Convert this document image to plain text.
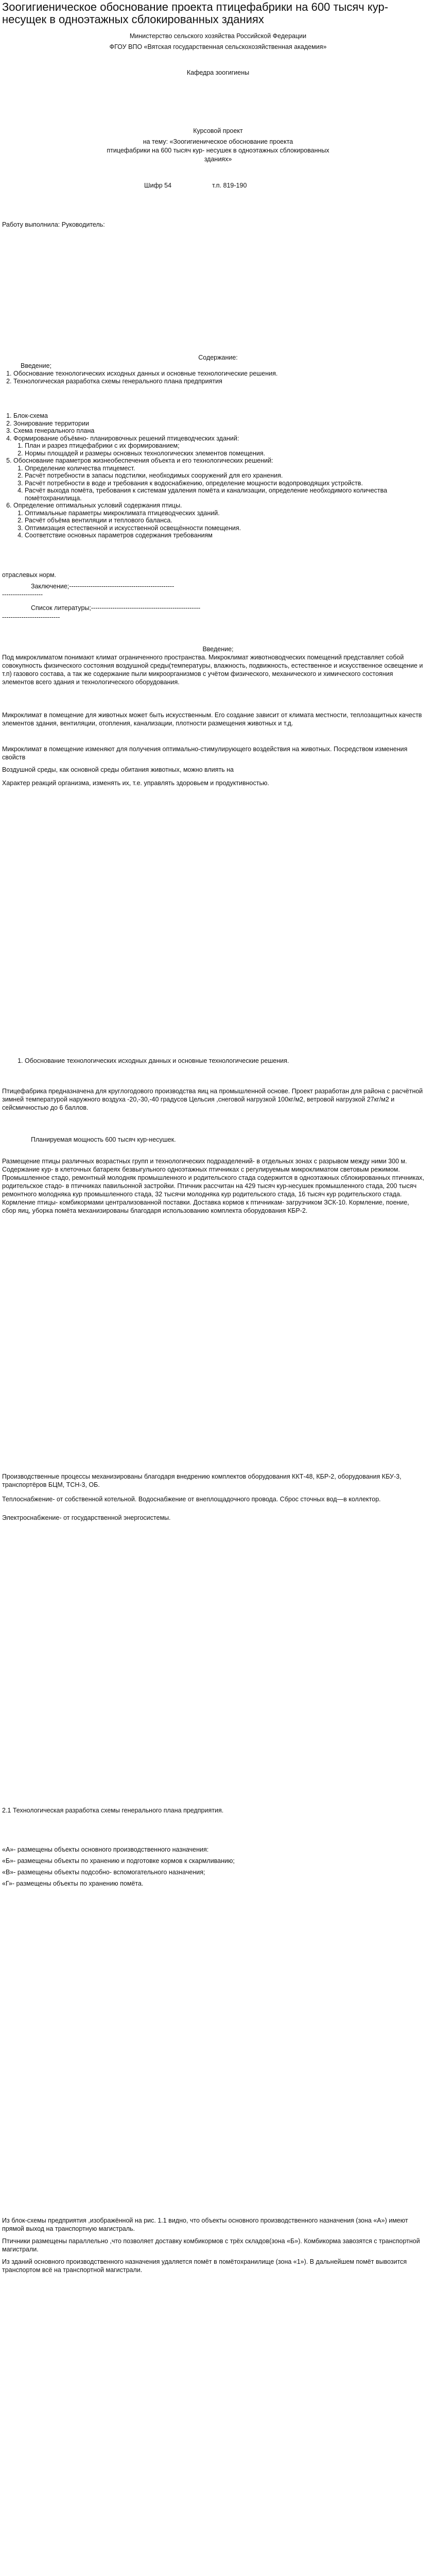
Зоогигиеническое обоснование проекта птицефабрики на 600 тысяч кур- несущек в одноэтажных сблокированных зданиях
Министерство сельского хозяйства Российской Федерации
ФГОУ ВПО «Вятская государственная сельскохозяйственная академия»
Кафедра зоогигиены
Курсовой проект
на тему: «Зоогигиеническое обоснование проекта
птицефабрики на 600 тысяч кур- несушек в одноэтажных сблокированных
зданиях»
Шифр 54	т.п. 819-190
Работу выполнила: Руководитель:
Содержание:
Введение;
1. Обоснование технологических исходных данных и основные технологические решения.
2. Технологическая разработка схемы генерального плана предприятия
1. Блок-схема
2. Зонирование территории
3. Схема генерального плана
4. Формирование объёмно- планировочных решений птицеводческих зданий:
1. План и разрез птицефабрики с их формированием;
2. Нормы площадей и размеры основных технологических элементов помещения.
5. Обоснование параметров жизнеобеспечения объекта и его технологических решений:
1. Определение количества птицемест.
2. Расчёт потребности в запасы подстилки, необходимых сооружений для его хранения.
3. Расчёт потребности в воде и требования к водоснабжению, определение мощности водопроводящих устройств.
4. Расчёт выхода помёта, требования к системам удаления помёта и канализации, определение необходимого количества помётохранилища.
6. Определение оптимальных условий содержания птицы.
1. Оптимальные параметры микроклимата птицеводческих зданий.
2. Расчёт объёма вентиляции и теплового баланса.
3. Оптимизация естественной и искусственной освещённости помещения.
4. Соответствие основных параметров содержания требованиям
отраслевых норм.
Заключение;-------------------------------------------------
-------------------
Список литературы;---------------------------------------------------
---------------------------
Введение;

Под микроклиматом понимают климат ограниченного пространства. Микроклимат животноводческих помещений представляет собой совокупность физического состояния воздушной среды(температуры, влажность, подвижность, естественное и искусственное освещение и т.п) газового состава, а так же содержание пыли микроорганизмов с учётом физического, механического и химического состояния элементов всего здания и технологического оборудования.

Микроклимат в помещение для животных может быть искусственным. Его создание зависит от климата местности, теплозащитных качеств элементов здания, вентиляции, отопления, канализации, плотности размещения животных и т.д.

Микроклимат в помещение изменяют для получения оптимально-стимулирующего воздействия на животных. Посредством изменения свойств

Воздушной среды, как основной среды обитания животных, можно влиять на

Характер реакций организма, изменять их, т.е. управлять здоровьем и продуктивностью.

1. Обоснование технологических исходных данных и основные технологические решения.

Птицефабрика предназначена для круглогодового производства яиц на промышленной основе. Проект разработан для района с расчётной зимней температурой наружного воздуха -20,-30,-40 градусов Цельсия ,снеговой нагрузкой 100кг/м2, ветровой нагрузкой 27кг/м2 и сейсмичностью до 6 баллов.

Планируемая мощность 600 тысяч кур-несушек.

Размещение птицы различных возрастных групп и технологических подразделений- в отдельных зонах с разрывом между ними 300 м. Содержание кур- в клеточных батареях безвыгульного одноэтажных птичниках с регулируемым микроклиматом световым режимом. Промышленное стадо, ремонтный молодняк промышленного и родительского стада содержится в одноэтажных сблокированных птичниках, родительское стадо- в птичниках павильонной застройки. Птичник рассчитан на 429 тысяч кур-несушек промышленного стада, 200 тысяч ремонтного молодняка кур промышленного стада, 32 тысячи молодняка кур родительского стада, 16 тысяч кур родительского стада. Кормление птицы- комбикормами централизованной поставки. Доставка кормов к птичникам- загрузчиком ЗСК-10. Кормление, поение, сбор яиц, уборка помёта механизированы благодаря использованию комплекта оборудования КБР-2.

Производственные процессы механизированы благодаря внедрению комплектов оборудования ККТ-48, КБР-2, оборудования КБУ-3, транспортёров БЦМ, ТСН-3, ОБ.

Теплоснабжение- от собственной котельной. Водоснабжение от внеплощадочного провода. Сброс сточных вод—в коллектор.

Электроснабжение- от государственной энергосистемы.

2.1 Технологическая разработка схемы генерального плана предприятия.

«А»- размещены объекты основного производственного назначения:

«Б»- размещены объекты по хранению и подготовке кормов к скармливанию;

«В»- размещены объекты подсобно- вспомогательного назначения;

«Г»- размещены объекты по хранению помёта.

Из блок-схемы предприятия ,изображённой на рис. 1.1 видно, что объекты основного производственного назначения (зона «А») имеют прямой выход на транспортную магистраль.

Птичники размещены параллельно ,что позволяет доставку комбикормов с трёх складов(зона «Б»). Комбикорма завозятся с транспортной магистрали.

Из зданий основного производственного назначения удаляется помёт в помётохранилище (зона «1»). В дальнейшем помёт вывозится транспортом всё на транспортной магистрали.
